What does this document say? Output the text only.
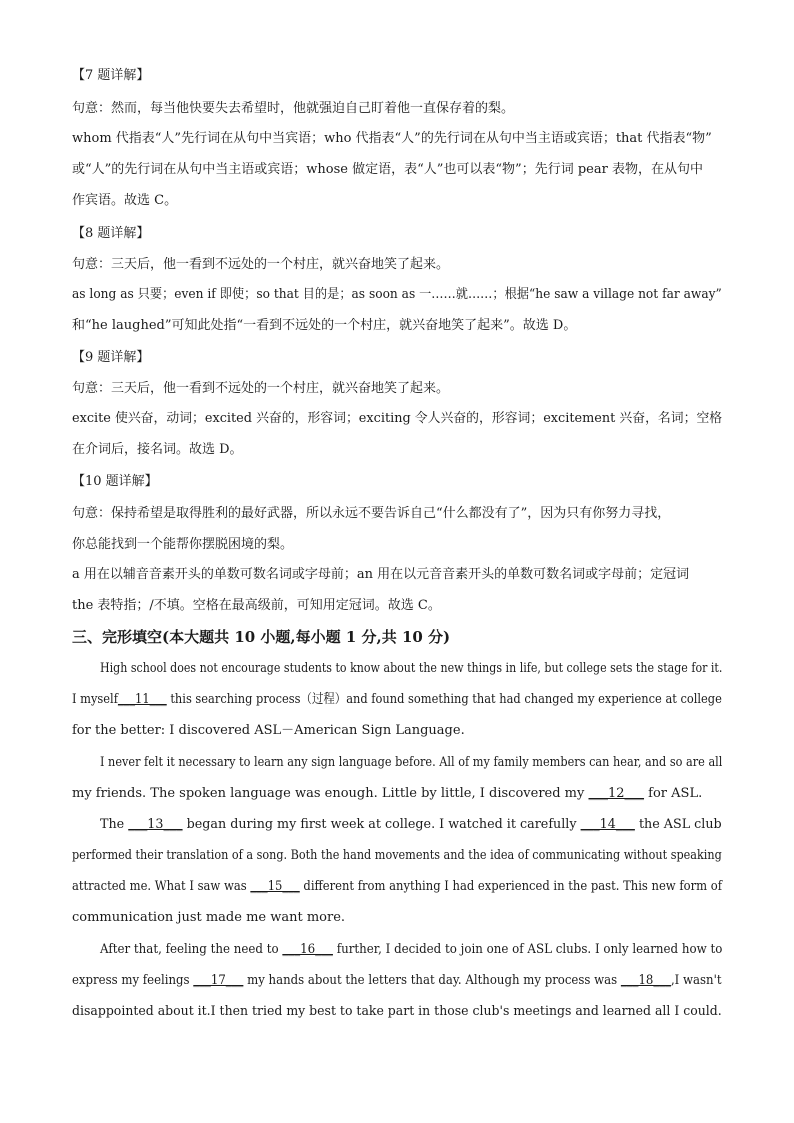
【7 题详解】
句意：然而，每当他快要失去希望时，他就强迫自己盯着他一直保存着的梨。
whom 代指表“人”先行词在从句中当宾语；who 代指表“人”的先行词在从句中当主语或宾语；that 代指表“物”
或“人”的先行词在从句中当主语或宾语；whose 做定语，表“人”也可以表“物”；先行词 pear 表物，在从句中
作宾语。故选 C。
【8 题详解】
句意：三天后，他一看到不远处的一个村庄，就兴奋地笑了起来。
as long as 只要；even if 即使；so that 目的是；as soon as 一……就……；根据“he saw a village not far away”
和“he laughed”可知此处指“一看到不远处的一个村庄，就兴奋地笑了起来”。故选 D。
【9 题详解】
句意：三天后，他一看到不远处的一个村庄，就兴奋地笑了起来。
excite 使兴奋，动词；excited 兴奋的，形容词；exciting 令人兴奋的，形容词；excitement 兴奋，名词；空格
在介词后，接名词。故选 D。
【10 题详解】
句意：保持希望是取得胜利的最好武器，所以永远不要告诉自己“什么都没有了”，因为只有你努力寻找，
你总能找到一个能帮你摆脱困境的梨。
a 用在以辅音音素开头的单数可数名词或字母前；an 用在以元音音素开头的单数可数名词或字母前；定冠词
the 表特指；/不填。空格在最高级前，可知用定冠词。故选 C。
三、完形填空(本大题共 10 小题,每小题 1 分,共 10 分)
High school does not encourage students to know about the new things in life, but college sets the stage for it.
I myself___11___ this searching process（过程）and found something that had changed my experience at college
for the better: I discovered ASL－American Sign Language.
I never felt it necessary to learn any sign language before. All of my family members can hear, and so are all
my friends. The spoken language was enough. Little by little, I discovered my ___12___ for ASL.
The ___13___ began during my first week at college. I watched it carefully ___14___ the ASL club
performed their translation of a song. Both the hand movements and the idea of communicating without speaking
attracted me. What I saw was ___15___ different from anything I had experienced in the past. This new form of
communication just made me want more.
After that, feeling the need to ___16___ further, I decided to join one of ASL clubs. I only learned how to
express my feelings ___17___ my hands about the letters that day. Although my process was ___18___,I wasn't
disappointed about it.I then tried my best to take part in those club's meetings and learned all I could.
